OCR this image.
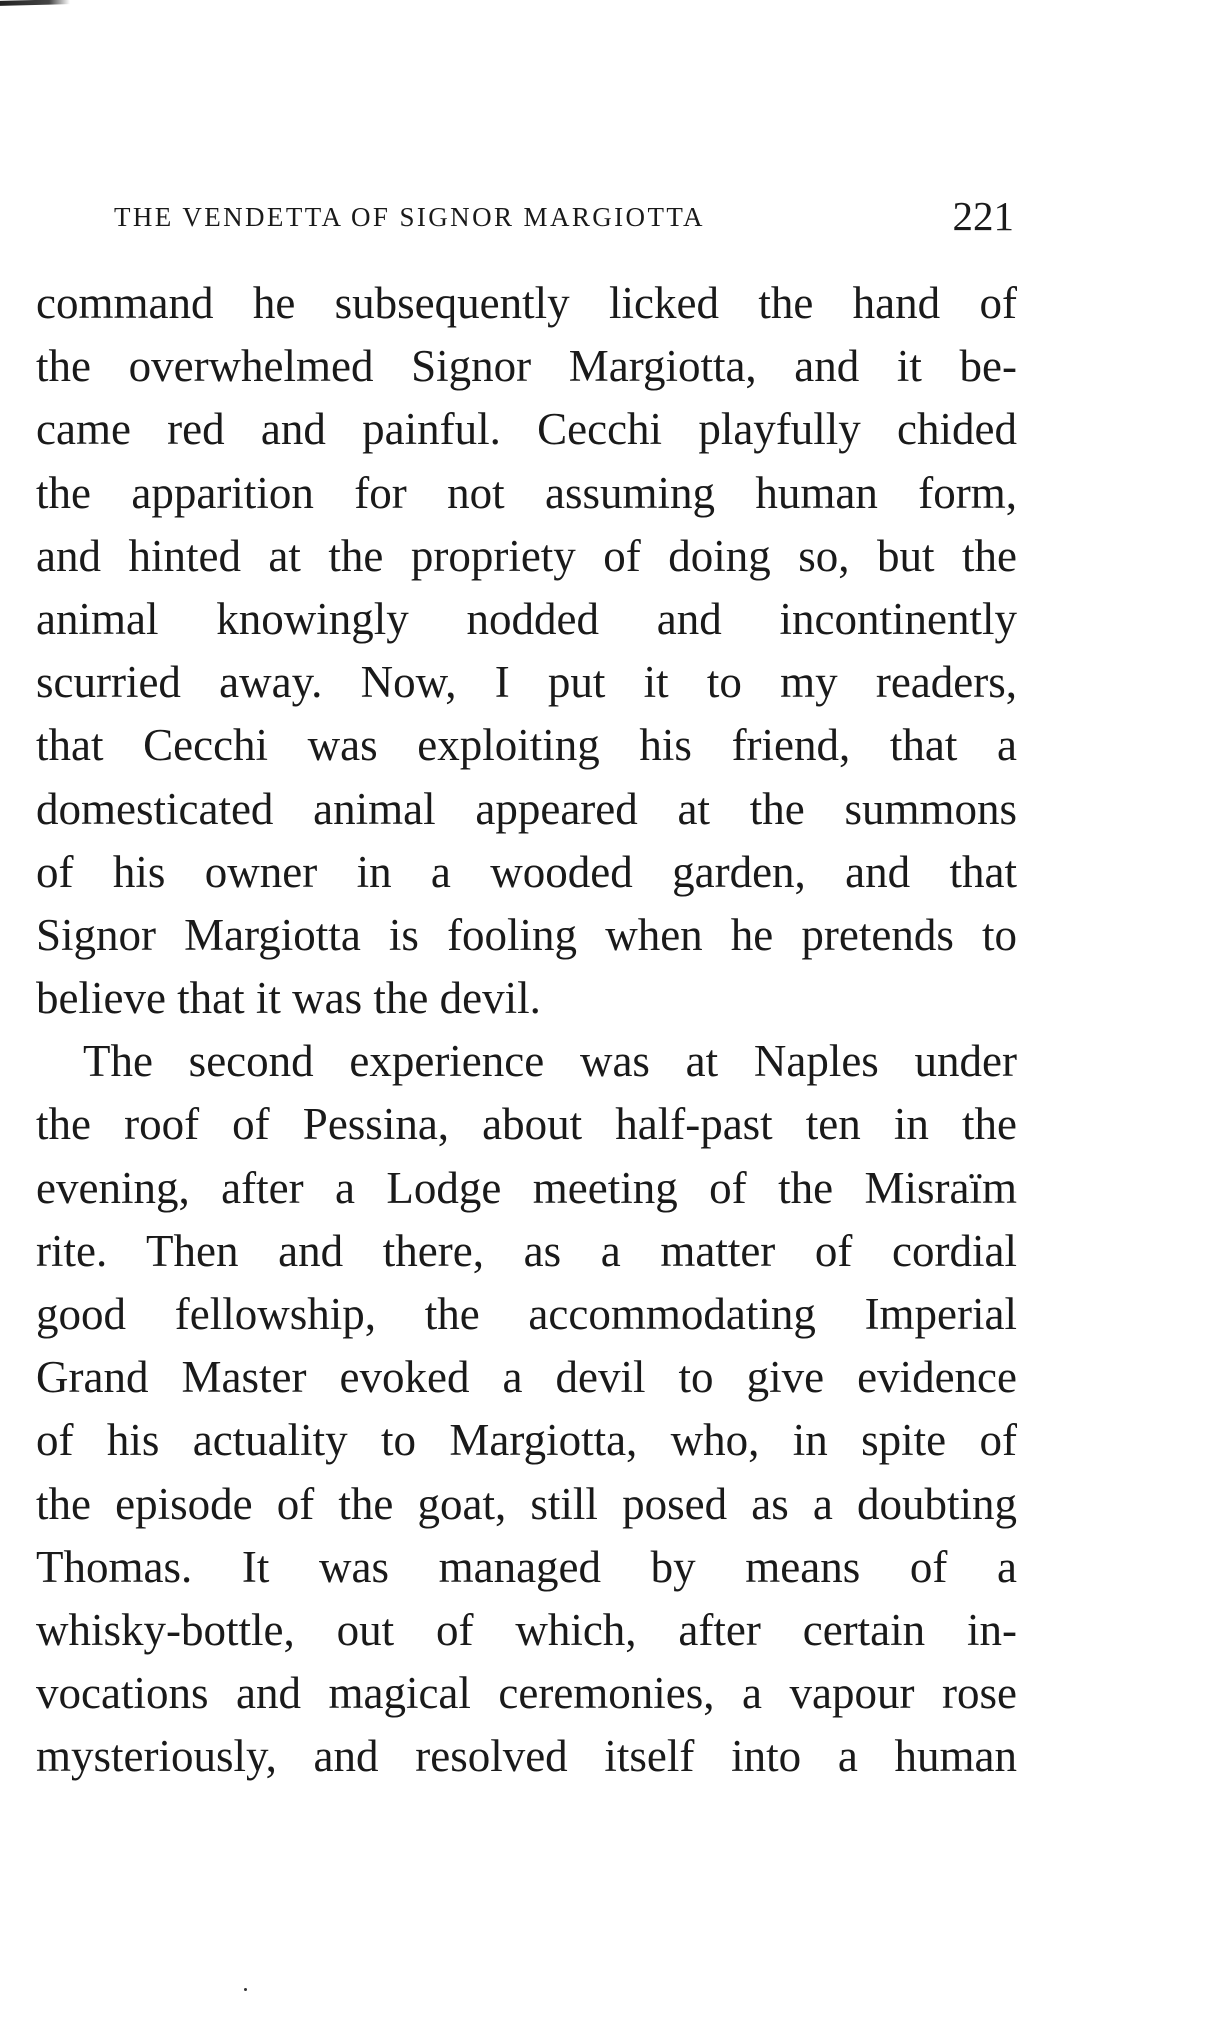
THE VENDETTA OF SIGNOR MARGIOTTA	221
command he subsequently licked the hand of
the overwhelmed Signor Margiotta, and it be-
came red and painful. Cecchi playfully chided
the apparition for not assuming human form,
and hinted at the propriety of doing so, but the
animal knowingly nodded and incontinently
scurried away. Now, I put it to my readers,
that Cecchi was exploiting his friend, that a
domesticated animal appeared at the summons
of his owner in a wooded garden, and that
Signor Margiotta is fooling when he pretends to
believe that it was the devil.
The second experience was at Naples under
the roof of Pessina, about half-past ten in the
evening, after a Lodge meeting of the Misraïm
rite. Then and there, as a matter of cordial
good fellowship, the accommodating Imperial
Grand Master evoked a devil to give evidence
of his actuality to Margiotta, who, in spite of
the episode of the goat, still posed as a doubting
Thomas. It was managed by means of a
whisky-bottle, out of which, after certain in-
vocations and magical ceremonies, a vapour rose
mysteriously, and resolved itself into a human
